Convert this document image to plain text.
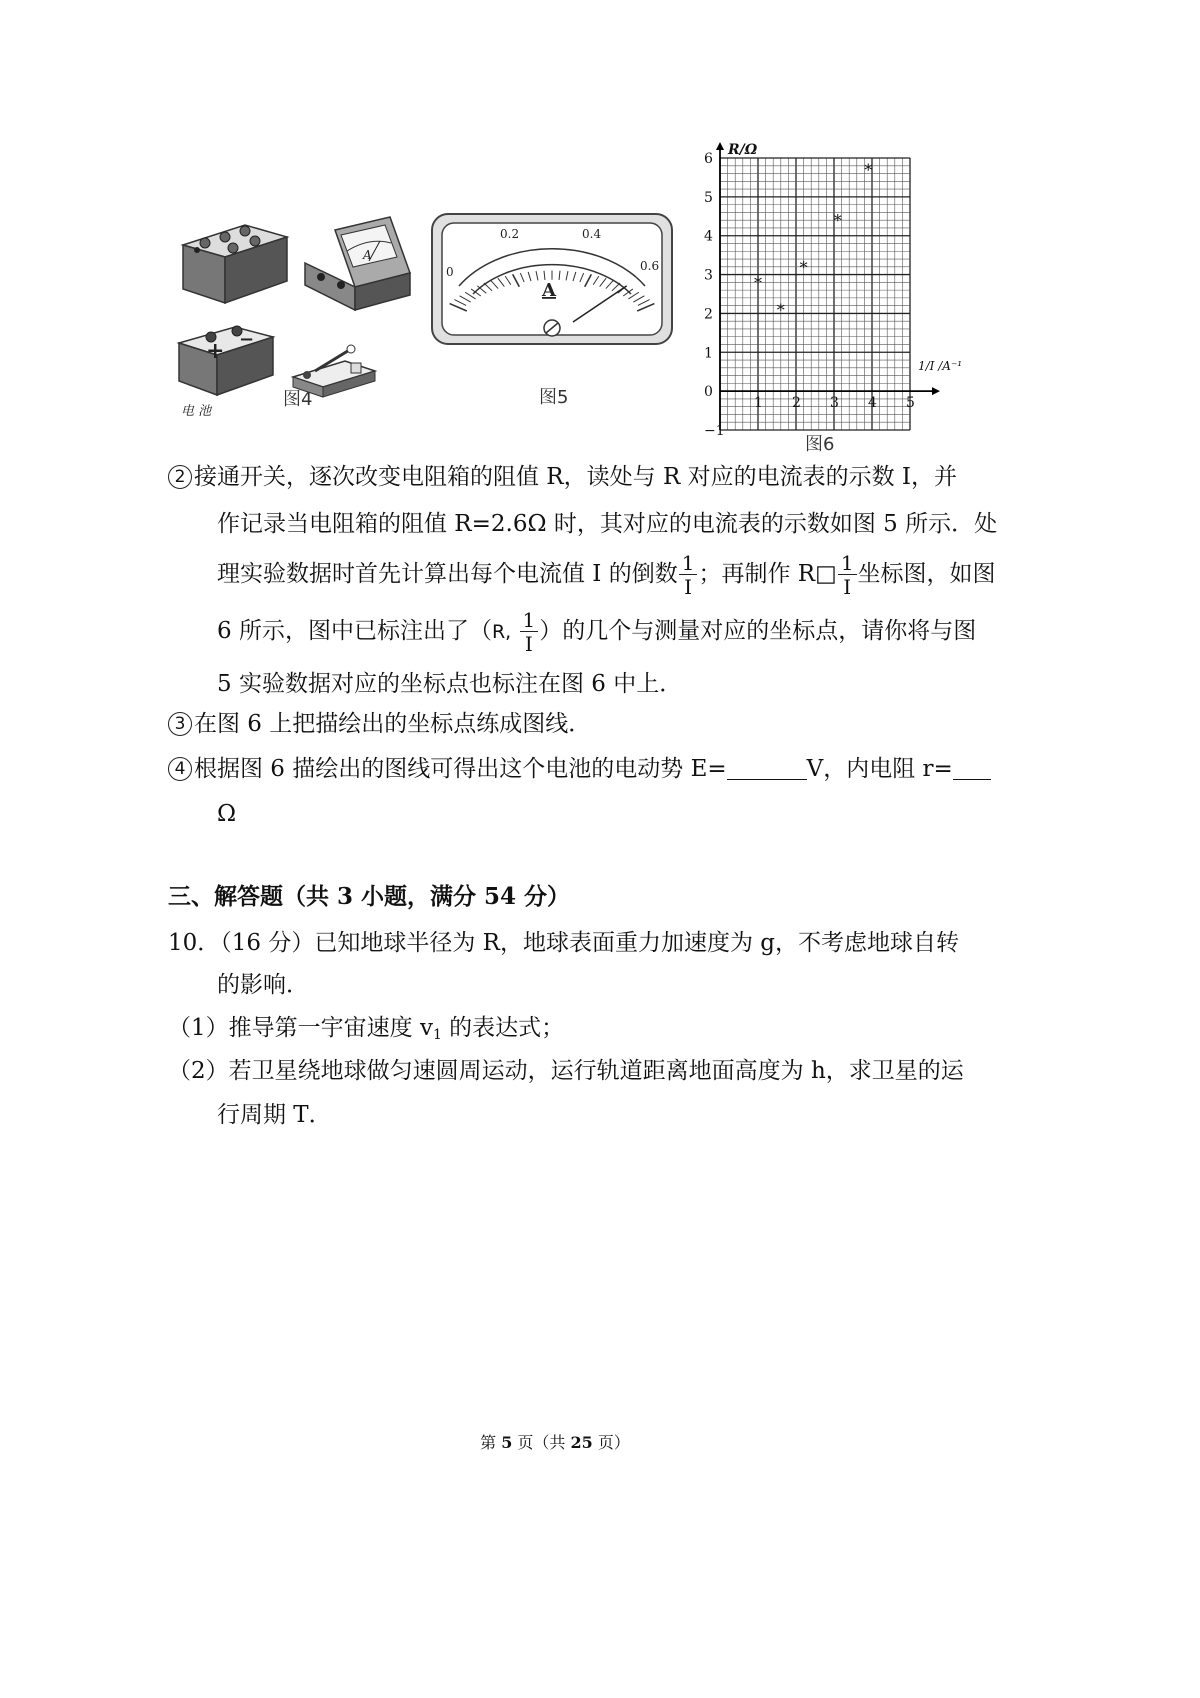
A
+ −
电 池
图4
0
0.2	0.4
0.6
A
图5
−1
0
1
2
3
4
5
6
1 2 3 4 5
*
*
*
*
*
R/Ω
1/I /A⁻¹
图6
2 接通开关，逐次改变电阻箱的阻值 R，读处与 R 对应的电流表的示数 I，并
作记录当电阻箱的阻值 R=2.6Ω 时，其对应的电流表的示数如图 5 所示．处
理实验数据时首先计算出每个电流值 I 的倒数 $\frac{1}{I}$ ；再制作 R□ $\frac{1}{I}$ 坐标图，如图
6 所示，图中已标注出了（R, $\frac{1}{I}$ ）的几个与测量对应的坐标点，请你将与图
5 实验数据对应的坐标点也标注在图 6 中上．
3 在图 6 上把描绘出的坐标点练成图线．
4 根据图 6 描绘出的图线可得出这个电池的电动势 E=	V，内电阻 r=
Ω
三、解答题（共 3 小题，满分 54 分）
10．（16 分）已知地球半径为 R，地球表面重力加速度为 g，不考虑地球自转
的影响．
（1）推导第一宇宙速度 $v_1$ 的表达式；
（2）若卫星绕地球做匀速圆周运动，运行轨道距离地面高度为 h，求卫星的运
行周期 T．
第 5 页（共 25 页）
